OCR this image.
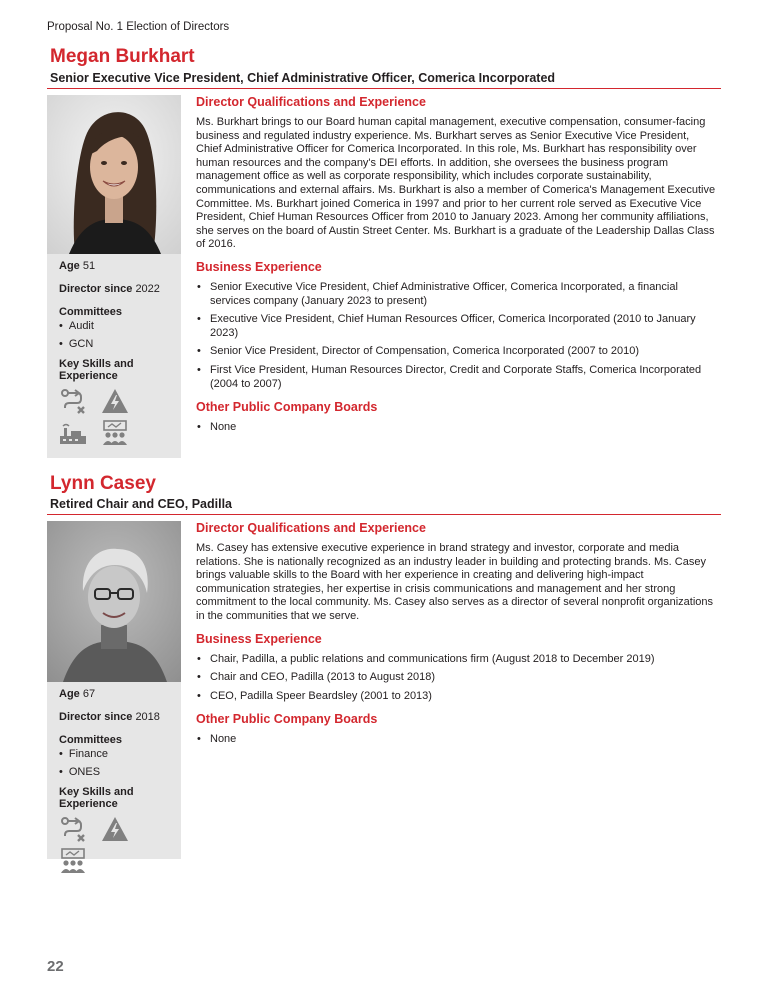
Proposal No. 1 Election of Directors
Megan Burkhart
Senior Executive Vice President, Chief Administrative Officer, Comerica Incorporated
Age 51
Director since 2022
Committees
• Audit
• GCN
Key Skills and Experience
Director Qualifications and Experience

Ms. Burkhart brings to our Board human capital management, executive compensation, consumer-facing business and regulated industry experience. Ms. Burkhart serves as Senior Executive Vice President, Chief Administrative Officer for Comerica Incorporated. In this role, Ms. Burkhart has responsibility over human resources and the company's DEI efforts. In addition, she oversees the business program management office as well as corporate responsibility, which includes corporate sustainability, communications and external affairs. Ms. Burkhart is also a member of Comerica's Management Executive Committee. Ms. Burkhart joined Comerica in 1997 and prior to her current role served as Executive Vice President, Chief Human Resources Officer from 2010 to January 2023. Among her community affiliations, she serves on the board of Austin Street Center. Ms. Burkhart is a graduate of the Leadership Dallas Class of 2016.

Business Experience
• Senior Executive Vice President, Chief Administrative Officer, Comerica Incorporated, a financial services company (January 2023 to present)
• Executive Vice President, Chief Human Resources Officer, Comerica Incorporated (2010 to January 2023)
• Senior Vice President, Director of Compensation, Comerica Incorporated (2007 to 2010)
• First Vice President, Human Resources Director, Credit and Corporate Staffs, Comerica Incorporated (2004 to 2007)
Other Public Company Boards
• None
Lynn Casey
Retired Chair and CEO, Padilla
Age 67
Director since 2018
Committees
• Finance
• ONES
Key Skills and Experience
Director Qualifications and Experience

Ms. Casey has extensive executive experience in brand strategy and investor, corporate and media relations. She is nationally recognized as an industry leader in building and protecting brands. Ms. Casey brings valuable skills to the Board with her experience in creating and delivering high-impact communication strategies, her expertise in crisis communications and management and her strong commitment to the local community. Ms. Casey also serves as a director of several nonprofit organizations in the communities that we serve.

Business Experience
• Chair, Padilla, a public relations and communications firm (August 2018 to December 2019)
• Chair and CEO, Padilla (2013 to August 2018)
• CEO, Padilla Speer Beardsley (2001 to 2013)
Other Public Company Boards
• None
22
